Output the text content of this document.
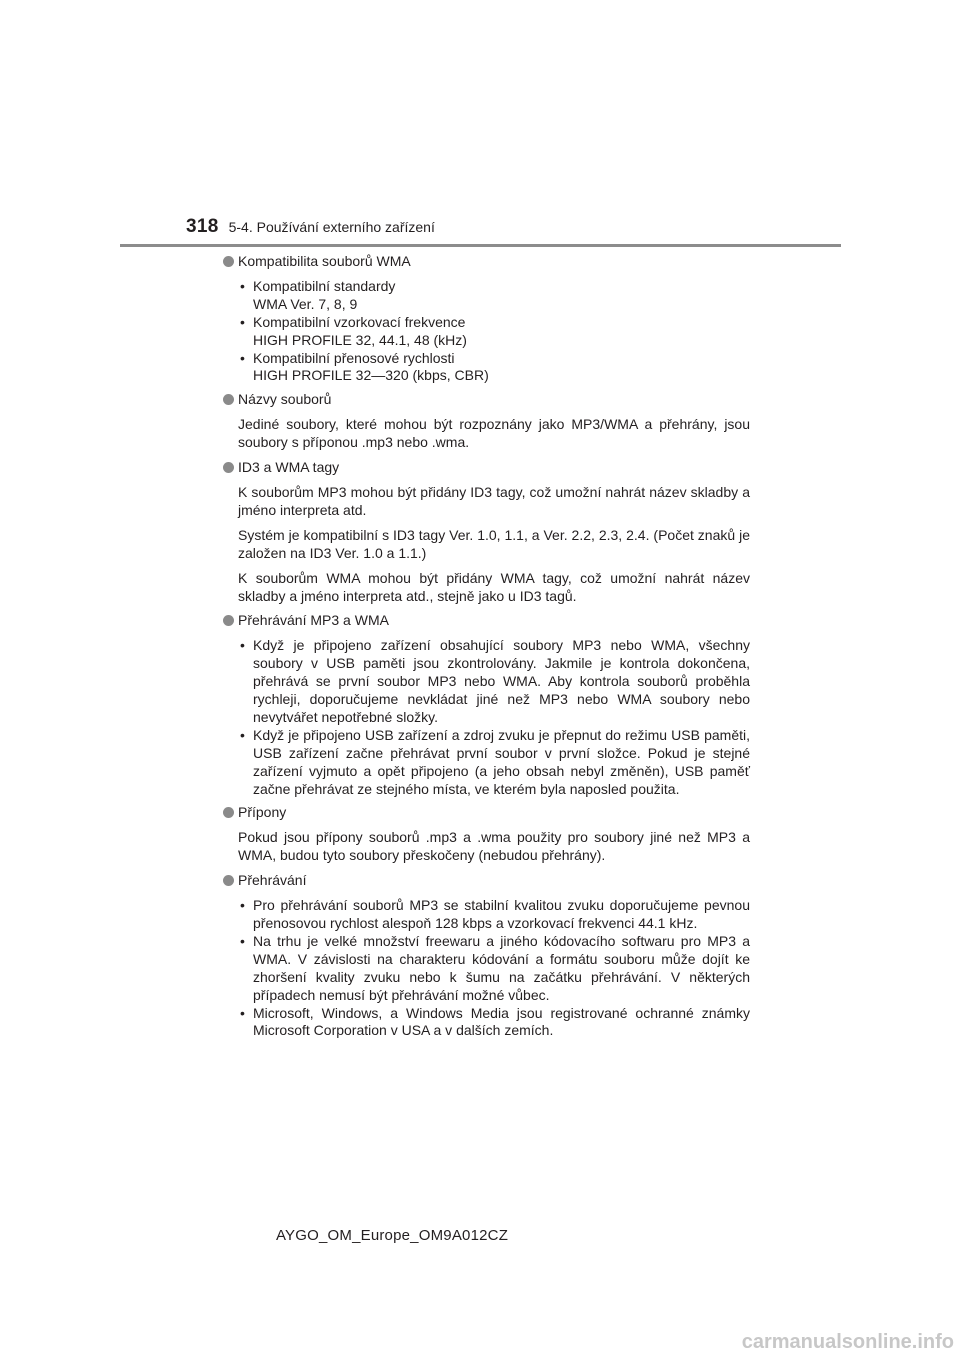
318 5-4. Používání externího zařízení
Kompatibilita souborů WMA
• Kompatibilní standardy
WMA Ver. 7, 8, 9
• Kompatibilní vzorkovací frekvence
HIGH PROFILE 32, 44.1, 48 (kHz)
• Kompatibilní přenosové rychlosti
HIGH PROFILE 32—320 (kbps, CBR)
Názvy souborů

Jediné soubory, které mohou být rozpoznány jako MP3/WMA a přehrány, jsou soubory s příponou .mp3 nebo .wma.

ID3 a WMA tagy

K souborům MP3 mohou být přidány ID3 tagy, což umožní nahrát název skladby a jméno interpreta atd.

Systém je kompatibilní s ID3 tagy Ver. 1.0, 1.1, a Ver. 2.2, 2.3, 2.4. (Počet znaků je založen na ID3 Ver. 1.0 a 1.1.)

K souborům WMA mohou být přidány WMA tagy, což umožní nahrát název skladby a jméno interpreta atd., stejně jako u ID3 tagů.

Přehrávání MP3 a WMA
• Když je připojeno zařízení obsahující soubory MP3 nebo WMA, všechny soubory v USB paměti jsou zkontrolovány. Jakmile je kontrola dokončena, přehrává se první soubor MP3 nebo WMA. Aby kontrola souborů proběhla rychleji, doporučujeme nevkládat jiné než MP3 nebo WMA soubory nebo nevytvářet nepotřebné složky.
• Když je připojeno USB zařízení a zdroj zvuku je přepnut do režimu USB paměti, USB zařízení začne přehrávat první soubor v první složce. Pokud je stejné zařízení vyjmuto a opět připojeno (a jeho obsah nebyl změněn), USB paměť začne přehrávat ze stejného místa, ve kterém byla naposled použita.
Přípony

Pokud jsou přípony souborů .mp3 a .wma použity pro soubory jiné než MP3 a WMA, budou tyto soubory přeskočeny (nebudou přehrány).

Přehrávání
• Pro přehrávání souborů MP3 se stabilní kvalitou zvuku doporučujeme pevnou přenosovou rychlost alespoň 128 kbps a vzorkovací frekvenci 44.1 kHz.
• Na trhu je velké množství freewaru a jiného kódovacího softwaru pro MP3 a WMA. V závislosti na charakteru kódování a formátu souboru může dojít ke zhoršení kvality zvuku nebo k šumu na začátku přehrávání. V některých případech nemusí být přehrávání možné vůbec.
• Microsoft, Windows, a Windows Media jsou registrované ochranné známky Microsoft Corporation v USA a v dalších zemích.
AYGO_OM_Europe_OM9A012CZ
carmanualsonline.info
